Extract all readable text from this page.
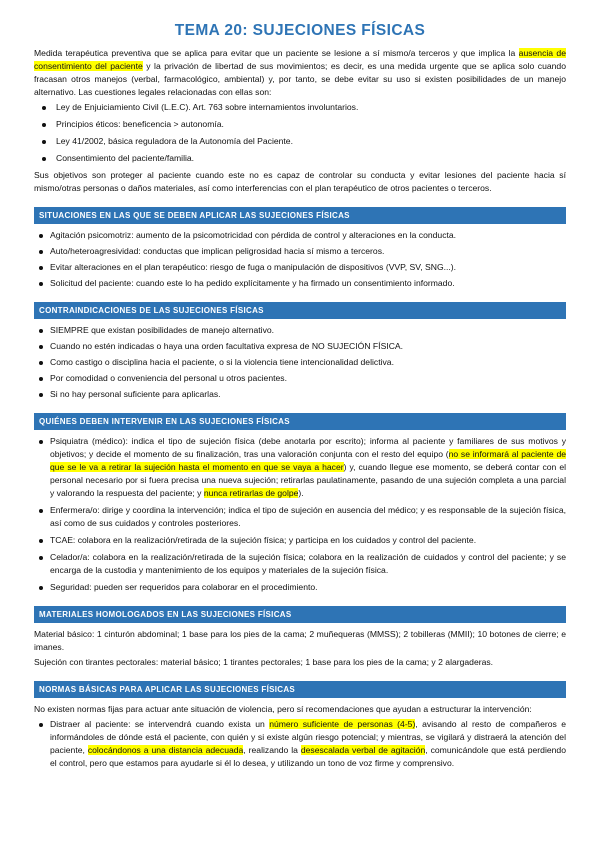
TEMA 20: SUJECIONES FÍSICAS

Medida terapéutica preventiva que se aplica para evitar que un paciente se lesione a sí mismo/a terceros y que implica la ausencia de consentimiento del paciente y la privación de libertad de sus movimientos; es decir, es una medida urgente que se aplica solo cuando fracasan otros manejos (verbal, farmacológico, ambiental) y, por tanto, se debe evitar su uso si existen posibilidades de un manejo alternativo. Las cuestiones legales relacionadas con ellas son:

Ley de Enjuiciamiento Civil (L.E.C). Art. 763 sobre internamientos involuntarios.
Principios éticos: beneficencia > autonomía.
Ley 41/2002, básica reguladora de la Autonomía del Paciente.
Consentimiento del paciente/familia.

Sus objetivos son proteger al paciente cuando este no es capaz de controlar su conducta y evitar lesiones del paciente hacia sí mismo/otras personas o daños materiales, así como interferencias con el plan terapéutico de otros pacientes o terceros.

SITUACIONES EN LAS QUE SE DEBEN APLICAR LAS SUJECIONES FÍSICAS
Agitación psicomotriz: aumento de la psicomotricidad con pérdida de control y alteraciones en la conducta.
Auto/heteroagresividad: conductas que implican peligrosidad hacia sí mismo a terceros.
Evitar alteraciones en el plan terapéutico: riesgo de fuga o manipulación de dispositivos (VVP, SV, SNG...).
Solicitud del paciente: cuando este lo ha pedido explícitamente y ha firmado un consentimiento informado.
CONTRAINDICACIONES DE LAS SUJECIONES FÍSICAS
SIEMPRE que existan posibilidades de manejo alternativo.
Cuando no estén indicadas o haya una orden facultativa expresa de NO SUJECIÓN FÍSICA.
Como castigo o disciplina hacia el paciente, o si la violencia tiene intencionalidad delictiva.
Por comodidad o conveniencia del personal u otros pacientes.
Si no hay personal suficiente para aplicarlas.
QUIÉNES DEBEN INTERVENIR EN LAS SUJECIONES FÍSICAS
Psiquiatra (médico): indica el tipo de sujeción física (debe anotarla por escrito); informa al paciente y familiares de sus motivos y objetivos; y decide el momento de su finalización, tras una valoración conjunta con el resto del equipo (no se informará al paciente de que se le va a retirar la sujeción hasta el momento en que se vaya a hacer) y, cuando llegue ese momento, se deberá contar con el personal necesario por si fuera precisa una nueva sujeción; retirarlas paulatinamente, pasando de una sujeción completa a una parcial y valorando la respuesta del paciente; y nunca retirarlas de golpe).
Enfermera/o: dirige y coordina la intervención; indica el tipo de sujeción en ausencia del médico; y es responsable de la sujeción física, así como de sus cuidados y controles posteriores.
TCAE: colabora en la realización/retirada de la sujeción física; y participa en los cuidados y control del paciente.
Celador/a: colabora en la realización/retirada de la sujeción física; colabora en la realización de cuidados y control del paciente; y se encarga de la custodia y mantenimiento de los equipos y materiales de la sujeción física.
Seguridad: pueden ser requeridos para colaborar en el procedimiento.
MATERIALES HOMOLOGADOS EN LAS SUJECIONES FÍSICAS

Material básico: 1 cinturón abdominal; 1 base para los pies de la cama; 2 muñequeras (MMSS); 2 tobilleras (MMII); 10 botones de cierre; e imanes.

Sujeción con tirantes pectorales: material básico; 1 tirantes pectorales; 1 base para los pies de la cama; y 2 alargaderas.

NORMAS BÁSICAS PARA APLICAR LAS SUJECIONES FÍSICAS

No existen normas fijas para actuar ante situación de violencia, pero sí recomendaciones que ayudan a estructurar la intervención:

Distraer al paciente: se intervendrá cuando exista un número suficiente de personas (4-5), avisando al resto de compañeros e informándoles de dónde está el paciente, con quién y si existe algún riesgo potencial; y mientras, se vigilará y distraerá la atención del paciente, colocándonos a una distancia adecuada, realizando la desescalada verbal de agitación, comunicándole que está perdiendo el control, pero que estamos para ayudarle si él lo desea, y utilizando un tono de voz firme y comprensivo.
